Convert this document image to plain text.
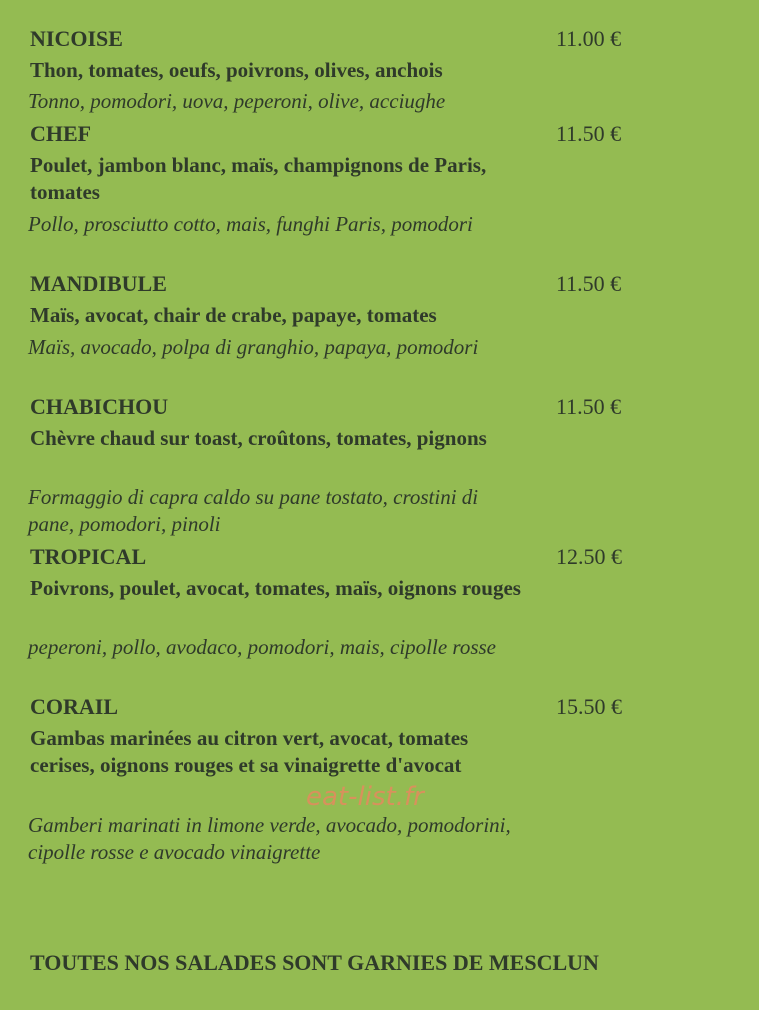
NICOISE	11.00 €
Thon, tomates, oeufs, poivrons, olives, anchois
Tonno, pomodori, uova, peperoni, olive, acciughe
CHEF	11.50 €
Poulet, jambon blanc, maïs, champignons de Paris, tomates
Pollo, prosciutto cotto, mais, funghi Paris, pomodori
MANDIBULE	11.50 €
Maïs, avocat, chair de crabe, papaye, tomates
Maïs, avocado, polpa di granghio, papaya, pomodori
CHABICHOU	11.50 €
Chèvre chaud sur toast, croûtons, tomates, pignons
Formaggio di capra caldo su pane tostato, crostini di pane, pomodori, pinoli
TROPICAL	12.50 €
Poivrons, poulet, avocat, tomates, maïs, oignons rouges
peperoni, pollo, avodaco, pomodori, mais, cipolle rosse
CORAIL	15.50 €
Gambas marinées au citron vert, avocat, tomates cerises, oignons rouges et sa vinaigrette d'avocat
Gamberi marinati in limone verde, avocado, pomodorini, cipolle rosse e avocado vinaigrette
eat-list.fr
TOUTES NOS SALADES SONT GARNIES DE MESCLUN
